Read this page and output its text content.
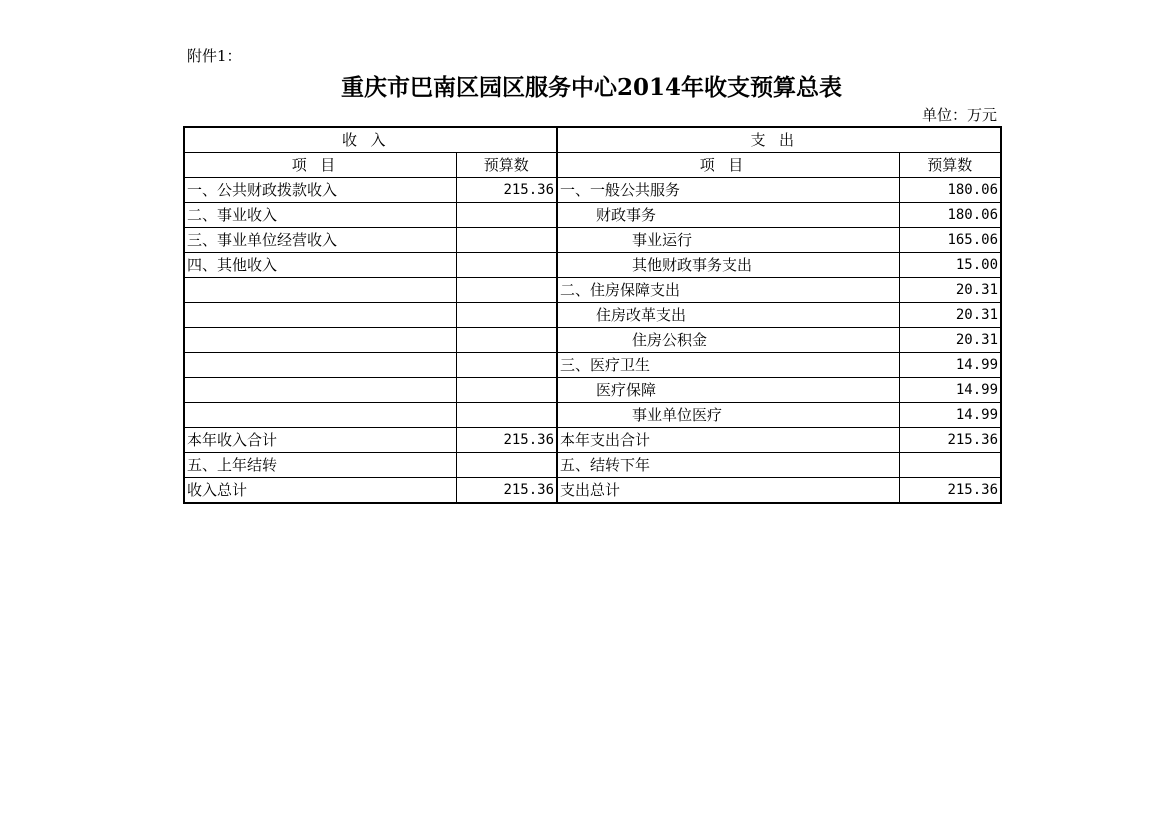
附件1：
重庆市巴南区园区服务中心2014年收支预算总表
单位：万元
收入		支出	
项目	预算数	项目	预算数
一、公共财政拨款收入	215.36	一、一般公共服务	180.06
二、事业收入		财政事务	180.06
三、事业单位经营收入		事业运行	165.06
四、其他收入		其他财政事务支出	15.00
		二、住房保障支出	20.31
		住房改革支出	20.31
		住房公积金	20.31
		三、医疗卫生	14.99
		医疗保障	14.99
		事业单位医疗	14.99
本年收入合计	215.36	本年支出合计	215.36
五、上年结转		五、结转下年	
收入总计	215.36	支出总计	215.36
